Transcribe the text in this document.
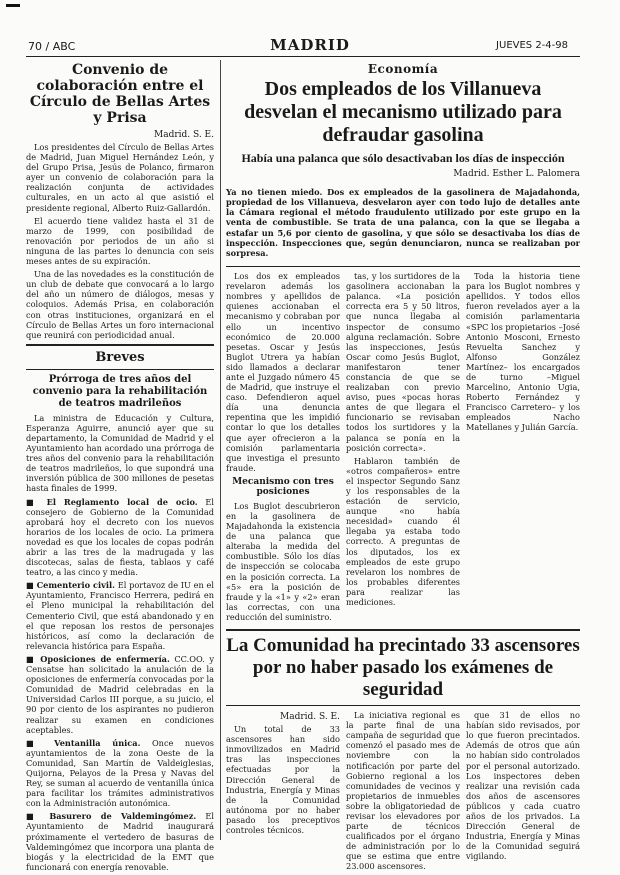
70 / ABC	MADRID	JUEVES 2-4-98
Convenio de colaboración entre el Círculo de Bellas Artes y Prisa
Madrid. S. E.

Los presidentes del Círculo de Bellas Artes de Madrid, Juan Miguel Hernández León, y del Grupo Prisa, Jesús de Polanco, firmaron ayer un convenio de colaboración para la realización conjunta de actividades culturales, en un acto al que asistió el presidente regional, Alberto Ruiz-Gallardón.

El acuerdo tiene validez hasta el 31 de marzo de 1999, con posibilidad de renovación por periodos de un año si ninguna de las partes lo denuncia con seis meses antes de su expiración.

Una de las novedades es la constitución de un club de debate que convocará a lo largo del año un número de diálogos, mesas y coloquios. Además Prisa, en colaboración con otras instituciones, organizará en el Círculo de Bellas Artes un foro internacional que reunirá con periodicidad anual.

Breves
Prórroga de tres años del convenio para la rehabilitación de teatros madrileños

La ministra de Educación y Cultura, Esperanza Aguirre, anunció ayer que su departamento, la Comunidad de Madrid y el Ayuntamiento han acordado una prórroga de tres años del convenio para la rehabilitación de teatros madrileños, lo que supondrá una inversión pública de 300 millones de pesetas hasta finales de 1999.

■ El Reglamento local de ocio. El consejero de Gobierno de la Comunidad aprobará hoy el decreto con los nuevos horarios de los locales de ocio. La primera novedad es que los locales de copas podrán abrir a las tres de la madrugada y las discotecas, salas de fiesta, tablaos y café teatro, a las cinco y media.

■ Cementerio civil. El portavoz de IU en el Ayuntamiento, Francisco Herrera, pedirá en el Pleno municipal la rehabilitación del Cementerio Civil, que está abandonado y en el que reposan los restos de personajes históricos, así como la declaración de relevancia histórica para España.

■ Oposiciones de enfermería. CC.OO. y Censatse han solicitado la anulación de la oposiciones de enfermería convocadas por la Comunidad de Madrid celebradas en la Universidad Carlos III porque, a su juicio, el 90 por ciento de los aspirantes no pudieron realizar su examen en condiciones aceptables.

■ Ventanilla única. Once nuevos ayuntamientos de la zona Oeste de la Comunidad, San Martín de Valdeiglesias, Quijorna, Pelayos de la Presa y Navas del Rey, se suman al acuerdo de ventanilla única para facilitar los trámites administrativos con la Administración autonómica.

■ Basurero de Valdemingómez. El Ayuntamiento de Madrid inaugurará próximamente el vertedero de basuras de Valdemingómez que incorpora una planta de biogás y la electricidad de la EMT que funcionará con energía renovable.

Economía
Dos empleados de los Villanueva desvelan el mecanismo utilizado para defraudar gasolina
Había una palanca que sólo desactivaban los días de inspección
Madrid. Esther L. Palomera

Ya no tienen miedo. Dos ex empleados de la gasolinera de Majadahonda, propiedad de los Villanueva, desvelaron ayer con todo lujo de detalles ante la Cámara regional el método fraudulento utilizado por este grupo en la venta de combustible. Se trata de una palanca, con la que se llegaba a estafar un 5,6 por ciento de gasolina, y que sólo se desactivaba los días de inspección. Inspecciones que, según denunciaron, nunca se realizaban por sorpresa.

Los dos ex empleados revelaron además los nombres y apellidos de quienes accionaban el mecanismo y cobraban por ello un incentivo económico de 20.000 pesetas. Oscar y Jesús Buglot Utrera ya habían sido llamados a declarar ante el Juzgado número 45 de Madrid, que instruye el caso. Defendieron aquel día una denuncia repentina que les impidió contar lo que los detalles que ayer ofrecieron a la comisión parlamentaria que investiga el presunto fraude.

Mecanismo con tres posiciones

Los Buglot descubrieron en la gasolinera de Majadahonda la existencia de una palanca que alteraba la medida del combustible. Sólo los días de inspección se colocaba en la posición correcta. La «5» era la posición de fraude y la «1» y «2» eran las correctas, con una reducción del suministro.

tas, y los surtidores de la gasolinera accionaban la palanca. «La posición correcta era 5 y 50 litros, que nunca llegaba al inspector de consumo alguna reclamación. Sobre las inspecciones, Jesús Oscar como Jesús Buglot, manifestaron tener constancia de que se realizaban con previo aviso, pues «pocas horas antes de que llegara el funcionario se revisaban todos los surtidores y la palanca se ponía en la posición correcta».

Hablaron también de «otros compañeros» entre el inspector Segundo Sanz y los responsables de la estación de servicio, aunque «no había necesidad» cuando él llegaba ya estaba todo correcto. A preguntas de los diputados, los ex empleados de este grupo revelaron los nombres de los probables diferentes para realizar las mediciones.

Toda la historia tiene para los Buglot nombres y apellidos. Y todos ellos fueron revelados ayer a la comisión parlamentaria «SPC los propietarios –José Antonio Mosconi, Ernesto Revuelta Sanchez y Alfonso González Martínez– los encargados de turno –Miguel Marcelino, Antonio Ugia, Roberto Fernández y Francisco Carretero– y los empleados Nacho Matellanes y Julián García.

La Comunidad ha precintado 33 ascensores por no haber pasado los exámenes de seguridad
Madrid. S. E.

Un total de 33 ascensores han sido inmovilizados en Madrid tras las inspecciones efectuadas por la Dirección General de Industria, Energía y Minas de la Comunidad autónoma por no haber pasado los preceptivos controles técnicos.

La iniciativa regional es la parte final de una campaña de seguridad que comenzó el pasado mes de noviembre con la notificación por parte del Gobierno regional a los comunidades de vecinos y propietarios de inmuebles sobre la obligatoriedad de revisar los elevadores por parte de técnicos cualificados por el órgano de administración por lo que se estima que entre 23.000 ascensores.

que 31 de ellos no habían sido revisados, por lo que fueron precintados. Además de otros que aún no habían sido controlados por el personal autorizado. Los inspectores deben realizar una revisión cada dos años de ascensores públicos y cada cuatro años de los privados. La Dirección General de Industria, Energía y Minas de la Comunidad seguirá vigilando.
